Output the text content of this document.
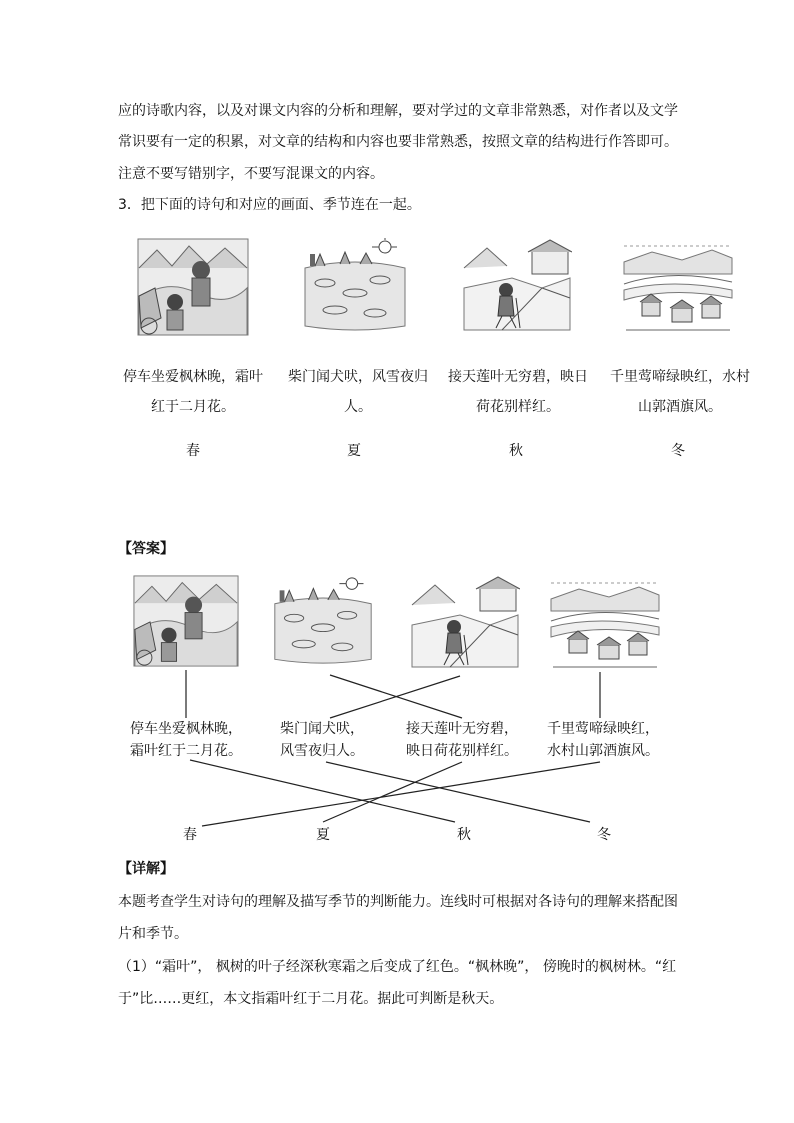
应的诗歌内容，以及对课文内容的分析和理解，要对学过的文章非常熟悉，对作者以及文学
常识要有一定的积累，对文章的结构和内容也要非常熟悉，按照文章的结构进行作答即可。
注意不要写错别字，不要写混课文的内容。
3．把下面的诗句和对应的画面、季节连在一起。
停车坐爱枫林晚，霜叶
红于二月花。
柴门闻犬吠，风雪夜归
人。
接天莲叶无穷碧，映日
荷花别样红。
千里莺啼绿映红，水村
山郭酒旗风。
春	夏	秋	冬
【答案】
停车坐爱枫林晚，
霜叶红于二月花。
柴门闻犬吠，
风雪夜归人。
接天莲叶无穷碧，
映日荷花别样红。
千里莺啼绿映红，
水村山郭酒旗风。
春	夏	秋	冬
【详解】
本题考查学生对诗句的理解及描写季节的判断能力。连线时可根据对各诗句的理解来搭配图
片和季节。
（1）“霜叶”， 枫树的叶子经深秋寒霜之后变成了红色。“枫林晚”， 傍晚时的枫树林。“红
于”比……更红，本文指霜叶红于二月花。据此可判断是秋天。
